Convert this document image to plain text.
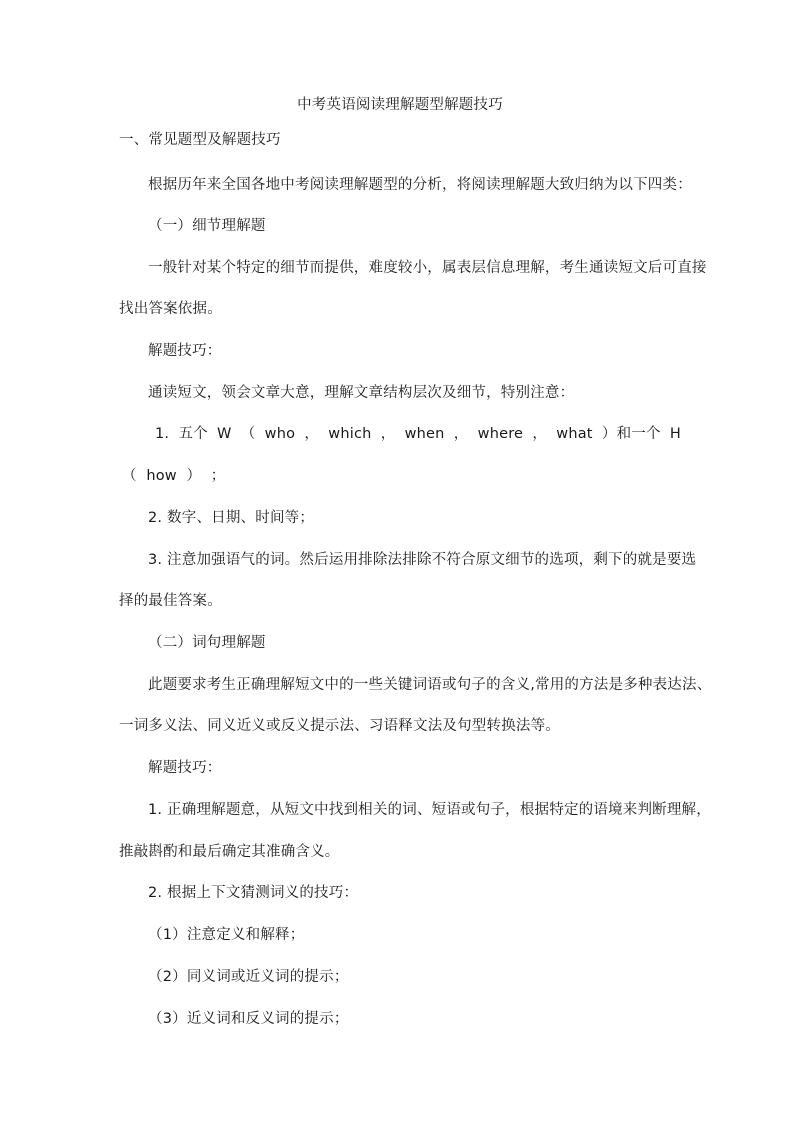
中考英语阅读理解题型解题技巧
一、常见题型及解题技巧
根据历年来全国各地中考阅读理解题型的分析，将阅读理解题大致归纳为以下四类：
（一）细节理解题
一般针对某个特定的细节而提供，难度较小，属表层信息理解，考生通读短文后可直接
找出答案依据。
解题技巧：
通读短文，领会文章大意，理解文章结构层次及细节，特别注意：
1. 五个 W （ who ， which ， when ， where ， what ）和一个 H
（  how  ）  ；
2. 数字、日期、时间等；
3. 注意加强语气的词。然后运用排除法排除不符合原文细节的选项，剩下的就是要选
择的最佳答案。
（二）词句理解题
此题要求考生正确理解短文中的一些关键词语或句子的含义,常用的方法是多种表达法、
一词多义法、同义近义或反义提示法、习语释文法及句型转换法等。
解题技巧：
1. 正确理解题意，从短文中找到相关的词、短语或句子，根据特定的语境来判断理解，
推敲斟酌和最后确定其准确含义。
2. 根据上下文猜测词义的技巧：
（1）注意定义和解释；
（2）同义词或近义词的提示；
（3）近义词和反义词的提示；
